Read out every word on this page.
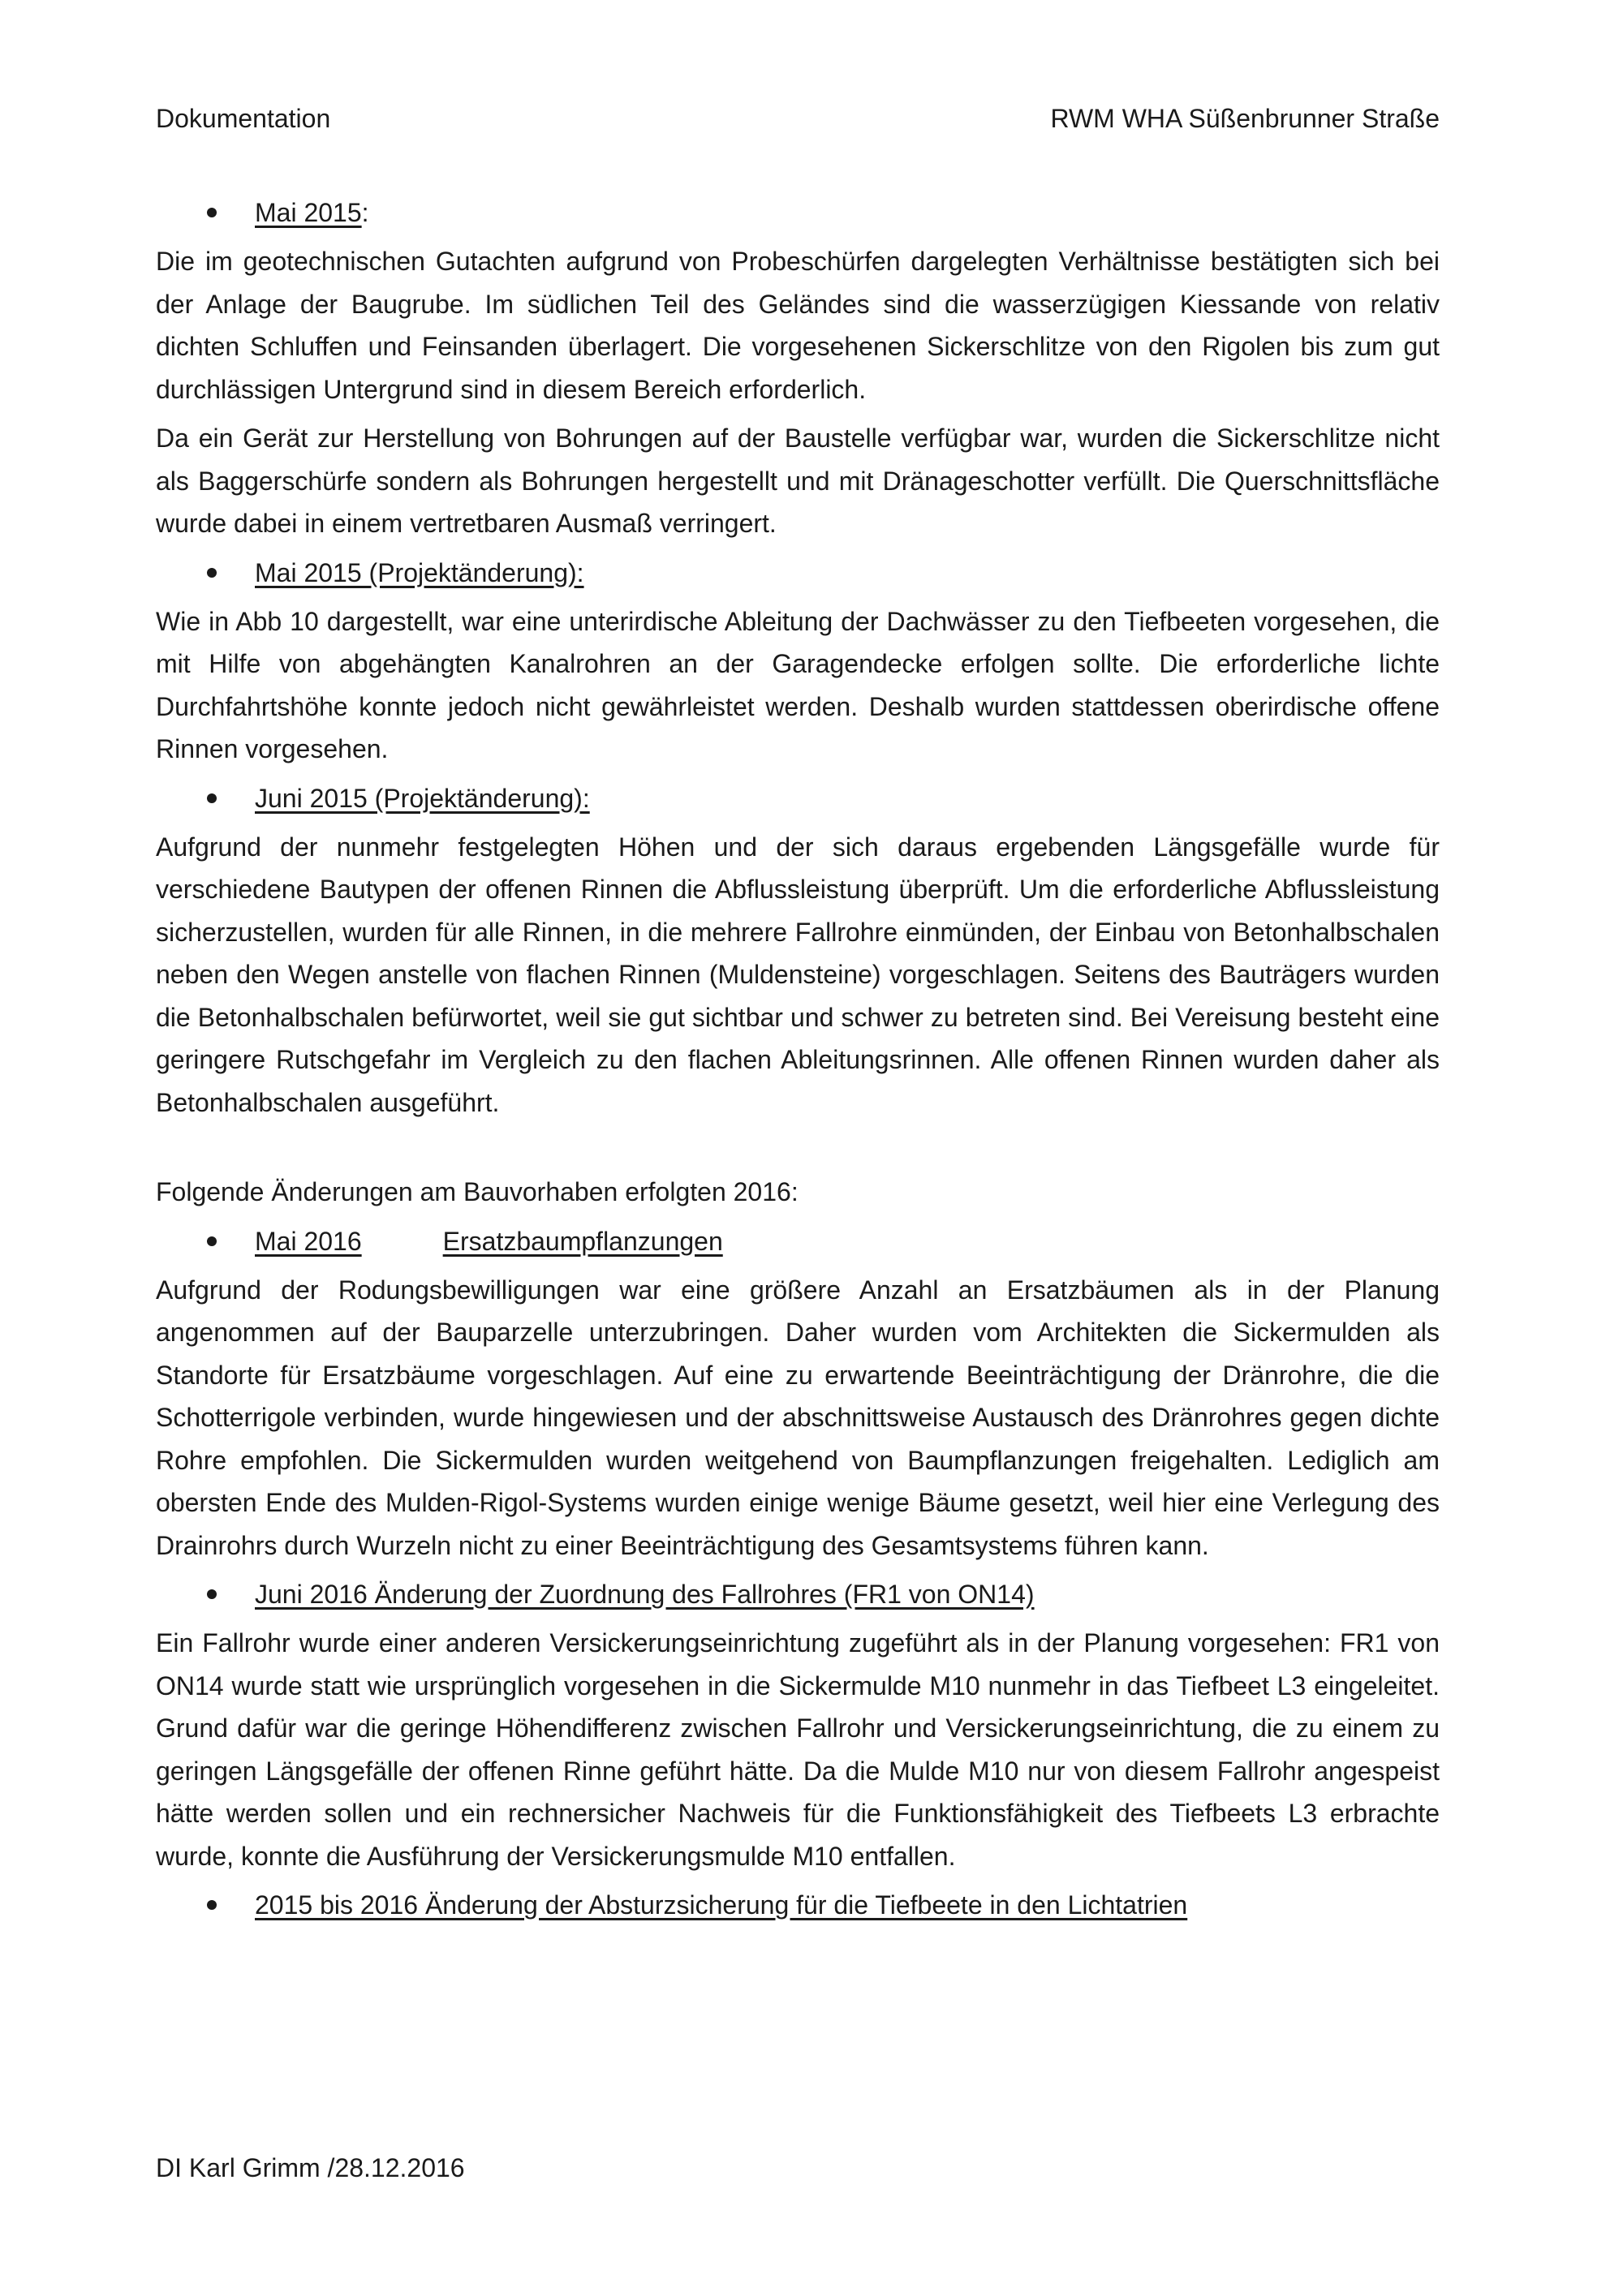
Dokumentation	RWM WHA Süßenbrunner Straße
Mai 2015:

Die im geotechnischen Gutachten aufgrund von Probeschürfen dargelegten Verhältnisse bestätigten sich bei der Anlage der Baugrube. Im südlichen Teil des Geländes sind die wasserzügigen Kiessande von relativ dichten Schluffen und Feinsanden überlagert. Die vorgesehenen Sickerschlitze von den Rigolen bis zum gut durchlässigen Untergrund sind in diesem Bereich erforderlich.

Da ein Gerät zur Herstellung von Bohrungen auf der Baustelle verfügbar war, wurden die Sickerschlitze nicht als Baggerschürfe sondern als Bohrungen hergestellt und mit Dränageschotter verfüllt. Die Querschnittsfläche wurde dabei in einem vertretbaren Ausmaß verringert.

Mai 2015 (Projektänderung):

Wie in Abb 10 dargestellt, war eine unterirdische Ableitung der Dachwässer zu den Tiefbeeten vorgesehen, die mit Hilfe von abgehängten Kanalrohren an der Garagendecke erfolgen sollte. Die erforderliche lichte Durchfahrtshöhe konnte jedoch nicht gewährleistet werden. Deshalb wurden stattdessen oberirdische offene Rinnen vorgesehen.

Juni 2015 (Projektänderung):

Aufgrund der nunmehr festgelegten Höhen und der sich daraus ergebenden Längsgefälle wurde für verschiedene Bautypen der offenen Rinnen die Abflussleistung überprüft. Um die erforderliche Abflussleistung sicherzustellen, wurden für alle Rinnen, in die mehrere Fallrohre einmünden, der Einbau von Betonhalbschalen neben den Wegen anstelle von flachen Rinnen (Muldensteine) vorgeschlagen. Seitens des Bauträgers wurden die Betonhalbschalen befürwortet, weil sie gut sichtbar und schwer zu betreten sind. Bei Vereisung besteht eine geringere Rutschgefahr im Vergleich zu den flachen Ableitungsrinnen. Alle offenen Rinnen wurden daher als Betonhalbschalen ausgeführt.

Folgende Änderungen am Bauvorhaben erfolgten 2016:

Mai 2016	Ersatzbaumpflanzungen

Aufgrund der Rodungsbewilligungen war eine größere Anzahl an Ersatzbäumen als in der Planung angenommen auf der Bauparzelle unterzubringen. Daher wurden vom Architekten die Sickermulden als Standorte für Ersatzbäume vorgeschlagen. Auf eine zu erwartende Beeinträchtigung der Dränrohre, die die Schotterrigole verbinden, wurde hingewiesen und der abschnittsweise Austausch des Dränrohres gegen dichte Rohre empfohlen. Die Sickermulden wurden weitgehend von Baumpflanzungen freigehalten. Lediglich am obersten Ende des Mulden-Rigol-Systems wurden einige wenige Bäume gesetzt, weil hier eine Verlegung des Drainrohrs durch Wurzeln nicht zu einer Beeinträchtigung des Gesamtsystems führen kann.

Juni 2016 Änderung der Zuordnung des Fallrohres (FR1 von ON14)

Ein Fallrohr wurde einer anderen Versickerungseinrichtung zugeführt als in der Planung vorgesehen: FR1 von ON14 wurde statt wie ursprünglich vorgesehen in die Sickermulde M10 nunmehr in das Tiefbeet L3 eingeleitet. Grund dafür war die geringe Höhendifferenz zwischen Fallrohr und Versickerungseinrichtung, die zu einem zu geringen Längsgefälle der offenen Rinne geführt hätte. Da die Mulde M10 nur von diesem Fallrohr angespeist hätte werden sollen und ein rechnersicher Nachweis für die Funktionsfähigkeit des Tiefbeets L3 erbrachte wurde, konnte die Ausführung der Versickerungsmulde M10 entfallen.

2015 bis 2016 Änderung der Absturzsicherung für die Tiefbeete in den Lichtatrien
DI Karl Grimm /28.12.2016
